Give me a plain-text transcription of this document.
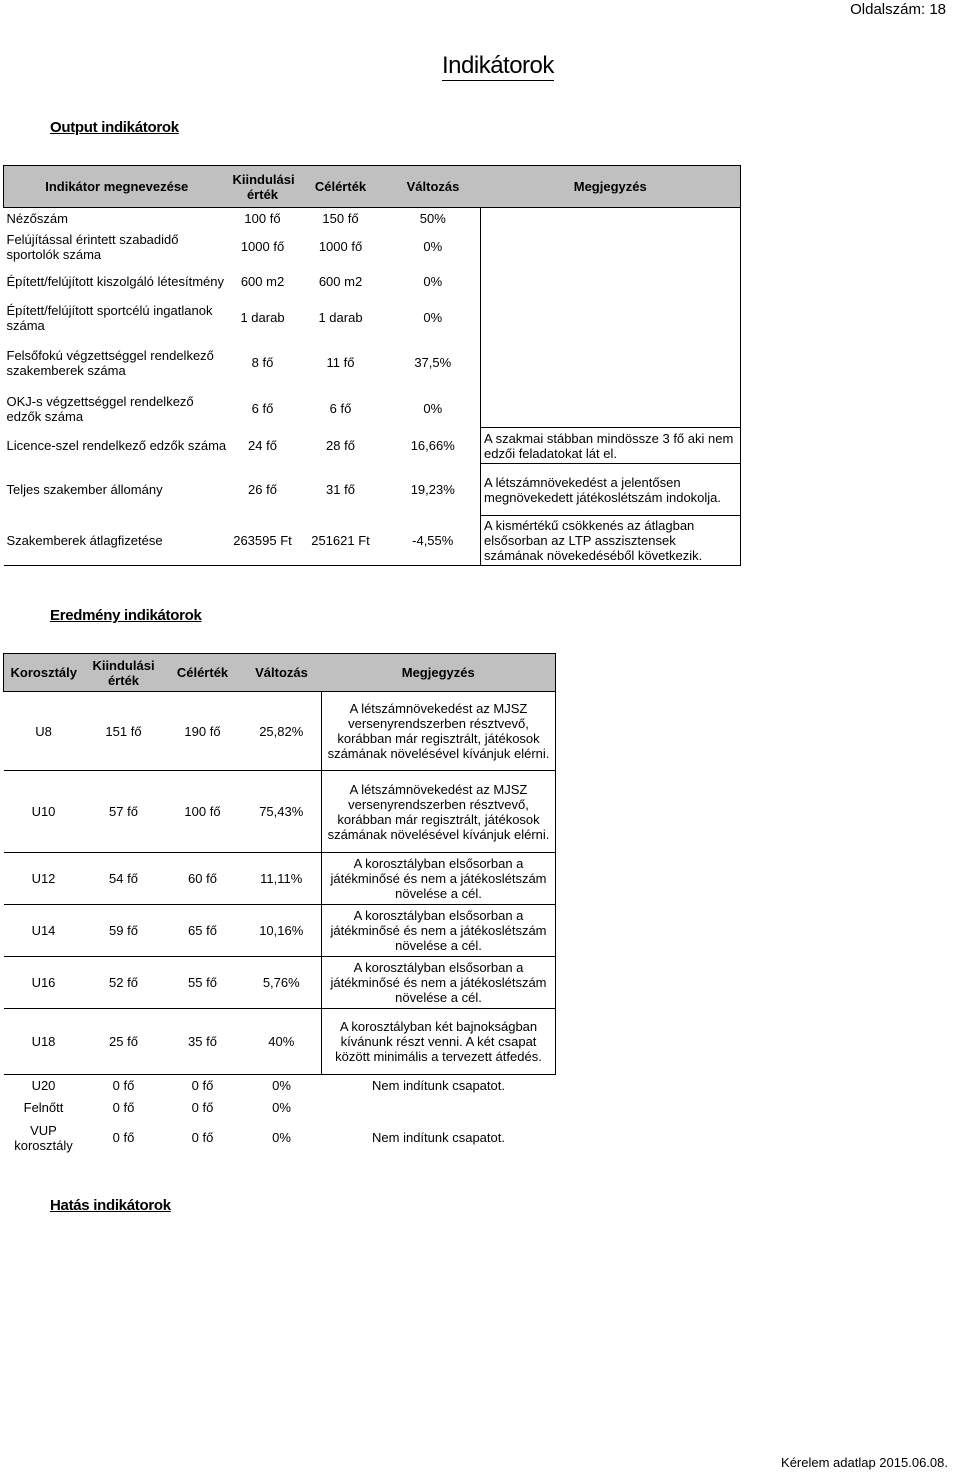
Oldalszám: 18
Indikátorok
Output indikátorok
Indikátor megnevezése	Kiindulási érték	Célérték	Változás	Megjegyzés
Nézőszám	100 fő	150 fő	50%	
Felújítással érintett szabadidő sportolók száma	1000 fő	1000 fő	0%	
Épített/felújított kiszolgáló létesítmény	600 m2	600 m2	0%	
Épített/felújított sportcélú ingatlanok száma	1 darab	1 darab	0%	
Felsőfokú végzettséggel rendelkező szakemberek száma	8 fő	11 fő	37,5%	
OKJ-s végzettséggel rendelkező edzők száma	6 fő	6 fő	0%	
Licence-szel rendelkező edzők száma	24 fő	28 fő	16,66%	A szakmai stábban mindössze 3 fő aki nem edzői feladatokat lát el.
Teljes szakember állomány	26 fő	31 fő	19,23%	A létszámnövekedést a jelentősen megnövekedett játékoslétszám indokolja.
Szakemberek átlagfizetése	263595 Ft	251621 Ft	-4,55%	A kismértékű csökkenés az átlagban elsősorban az LTP asszisztensek számának növekedéséből következik.
Eredmény indikátorok
Korosztály	Kiindulási érték	Célérték	Változás	Megjegyzés
U8	151 fő	190 fő	25,82%	A létszámnövekedést az MJSZ versenyrendszerben résztvevő, korábban már regisztrált, játékosok számának növelésével kívánjuk elérni.
U10	57 fő	100 fő	75,43%	A létszámnövekedést az MJSZ versenyrendszerben résztvevő, korábban már regisztrált, játékosok számának növelésével kívánjuk elérni.
U12	54 fő	60 fő	11,11%	A korosztályban elsősorban a játékminősé és nem a játékoslétszám növelése a cél.
U14	59 fő	65 fő	10,16%	A korosztályban elsősorban a játékminősé és nem a játékoslétszám növelése a cél.
U16	52 fő	55 fő	5,76%	A korosztályban elsősorban a játékminősé és nem a játékoslétszám növelése a cél.
U18	25 fő	35 fő	40%	A korosztályban két bajnokságban kívánunk részt venni. A két csapat között minimális a tervezett átfedés.
U20	0 fő	0 fő	0%	Nem indítunk csapatot.
Felnőtt	0 fő	0 fő	0%	
VUP korosztály	0 fő	0 fő	0%	Nem indítunk csapatot.
Hatás indikátorok
Kérelem adatlap 2015.06.08.
